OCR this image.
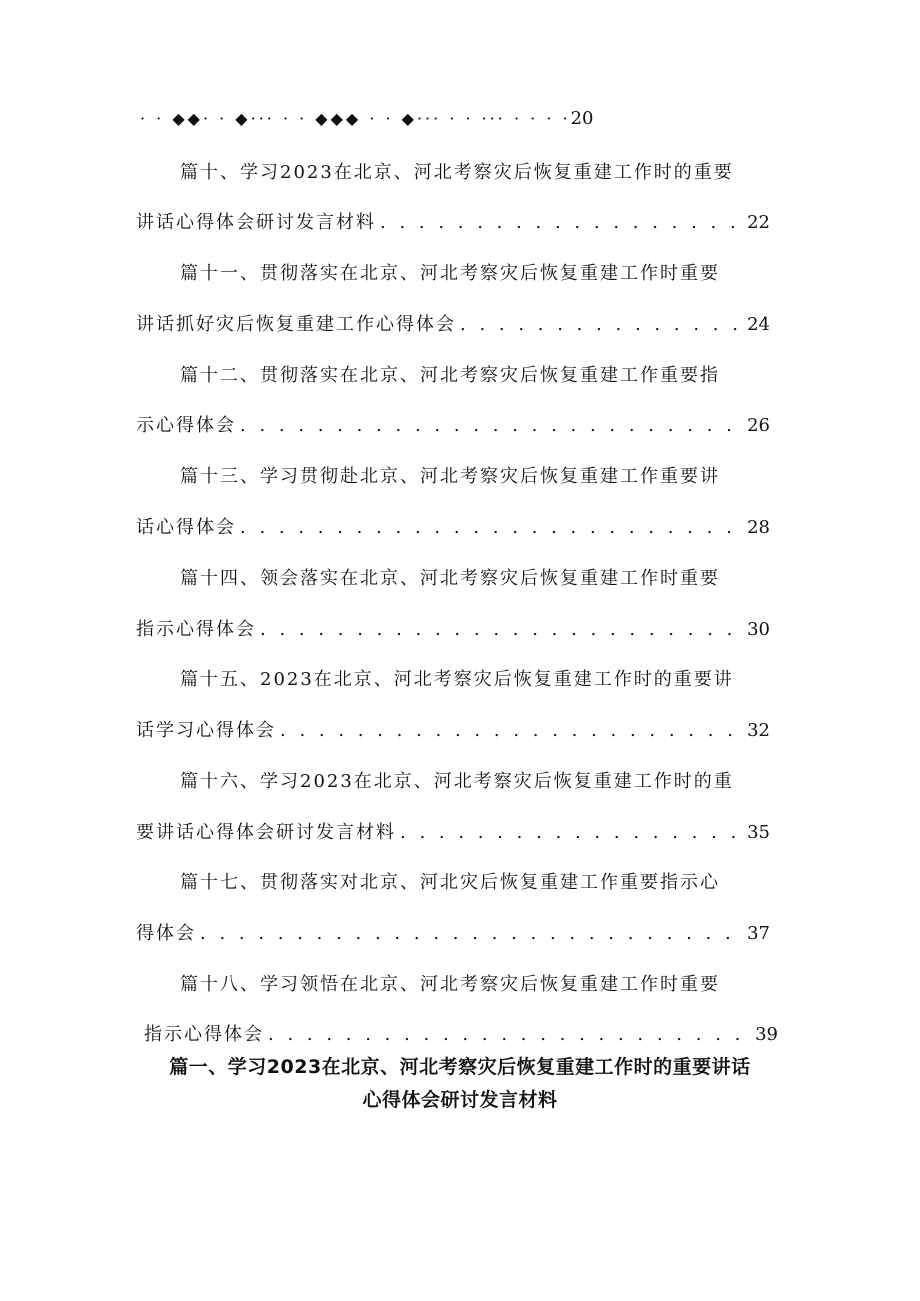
· · ◆◆· · ◆··· · · ◆◆◆ · · ◆··· · · ··· · · · ·20
篇十、学习2023在北京、河北考察灾后恢复重建工作时的重要
讲话心得体会研讨发言材料 . . .	22
篇十一、贯彻落实在北京、河北考察灾后恢复重建工作时重要
讲话抓好灾后恢复重建工作心得体会 . . .	24
篇十二、贯彻落实在北京、河北考察灾后恢复重建工作重要指
示心得体会 . . .	26
篇十三、学习贯彻赴北京、河北考察灾后恢复重建工作重要讲
话心得体会 . . .	28
篇十四、领会落实在北京、河北考察灾后恢复重建工作时重要
指示心得体会 . . .	30
篇十五、2023在北京、河北考察灾后恢复重建工作时的重要讲
话学习心得体会 . . .	32
篇十六、学习2023在北京、河北考察灾后恢复重建工作时的重
要讲话心得体会研讨发言材料 . . .	35
篇十七、贯彻落实对北京、河北灾后恢复重建工作重要指示心
得体会 . . .	37
篇十八、学习领悟在北京、河北考察灾后恢复重建工作时重要
指示心得体会 . . .	39
篇一、学习2023在北京、河北考察灾后恢复重建工作时的重要讲话
心得体会研讨发言材料
